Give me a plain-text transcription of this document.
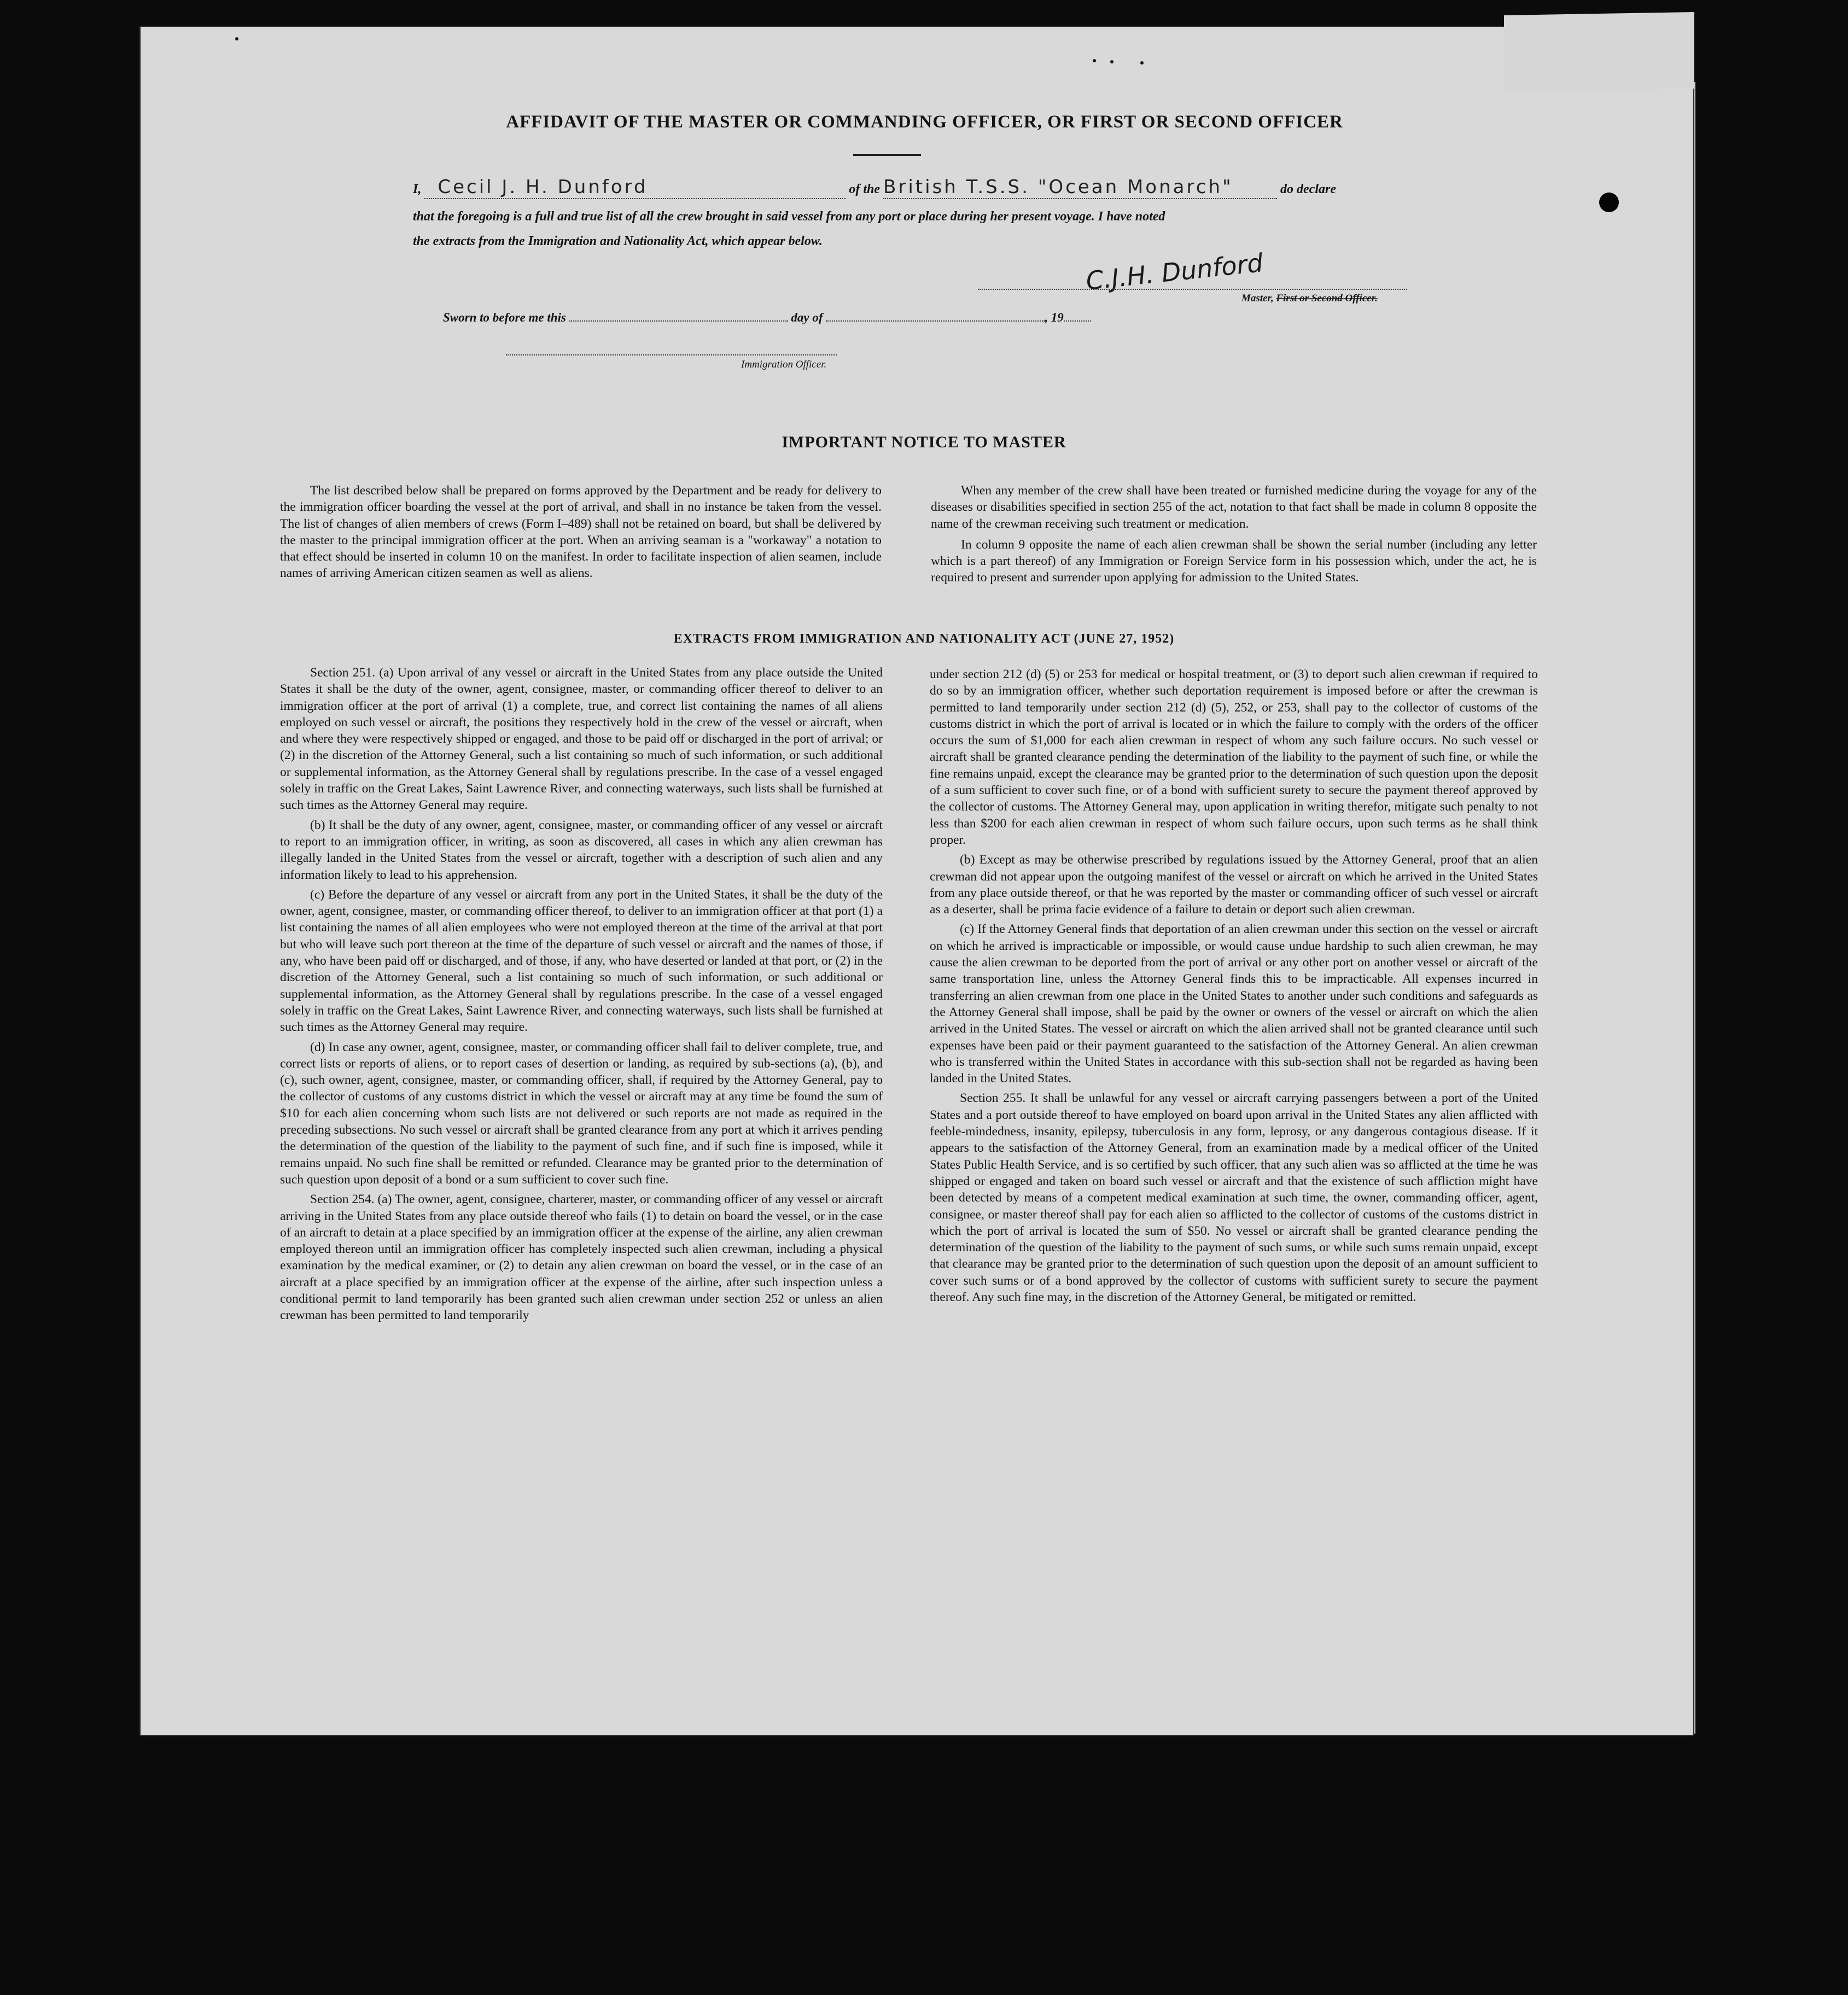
AFFIDAVIT OF THE MASTER OR COMMANDING OFFICER, OR FIRST OR SECOND OFFICER
I, Cecil J. H. Dunford	of the British T.S.S. "Ocean Monarch"	do declare
that the foregoing is a full and true list of all the crew brought in said vessel from any port or place during her present voyage. I have noted
the extracts from the Immigration and Nationality Act, which appear below.
C.J.H. Dunford
Master, First or Second Officer.
Sworn to before me this	day of	, 19
Immigration Officer.
IMPORTANT NOTICE TO MASTER

The list described below shall be prepared on forms approved by the Department and be ready for delivery to the immigration officer boarding the vessel at the port of arrival, and shall in no instance be taken from the vessel. The list of changes of alien members of crews (Form I–489) shall not be retained on board, but shall be delivered by the master to the principal immigration officer at the port. When an arriving seaman is a "workaway" a notation to that effect should be inserted in column 10 on the manifest. In order to facilitate inspection of alien seamen, include names of arriving American citizen seamen as well as aliens.

When any member of the crew shall have been treated or furnished medicine during the voyage for any of the diseases or disabilities specified in section 255 of the act, notation to that fact shall be made in column 8 opposite the name of the crewman receiving such treatment or medication.

In column 9 opposite the name of each alien crewman shall be shown the serial number (including any letter which is a part thereof) of any Immigration or Foreign Service form in his possession which, under the act, he is required to present and surrender upon applying for admission to the United States.

EXTRACTS FROM IMMIGRATION AND NATIONALITY ACT (JUNE 27, 1952)

Section 251. (a) Upon arrival of any vessel or aircraft in the United States from any place outside the United States it shall be the duty of the owner, agent, consignee, master, or commanding officer thereof to deliver to an immigration officer at the port of arrival (1) a complete, true, and correct list containing the names of all aliens employed on such vessel or aircraft, the positions they respectively hold in the crew of the vessel or aircraft, when and where they were respectively shipped or engaged, and those to be paid off or discharged in the port of arrival; or (2) in the discretion of the Attorney General, such a list containing so much of such information, or such additional or supplemental information, as the Attorney General shall by regulations prescribe. In the case of a vessel engaged solely in traffic on the Great Lakes, Saint Lawrence River, and connecting waterways, such lists shall be furnished at such times as the Attorney General may require.

(b) It shall be the duty of any owner, agent, consignee, master, or commanding officer of any vessel or aircraft to report to an immigration officer, in writing, as soon as discovered, all cases in which any alien crewman has illegally landed in the United States from the vessel or aircraft, together with a description of such alien and any information likely to lead to his apprehension.

(c) Before the departure of any vessel or aircraft from any port in the United States, it shall be the duty of the owner, agent, consignee, master, or commanding officer thereof, to deliver to an immigration officer at that port (1) a list containing the names of all alien employees who were not employed thereon at the time of the arrival at that port but who will leave such port thereon at the time of the departure of such vessel or aircraft and the names of those, if any, who have been paid off or discharged, and of those, if any, who have deserted or landed at that port, or (2) in the discretion of the Attorney General, such a list containing so much of such information, or such additional or supplemental information, as the Attorney General shall by regulations prescribe. In the case of a vessel engaged solely in traffic on the Great Lakes, Saint Lawrence River, and connecting waterways, such lists shall be furnished at such times as the Attorney General may require.

(d) In case any owner, agent, consignee, master, or commanding officer shall fail to deliver complete, true, and correct lists or reports of aliens, or to report cases of desertion or landing, as required by sub-sections (a), (b), and (c), such owner, agent, consignee, master, or commanding officer, shall, if required by the Attorney General, pay to the collector of customs of any customs district in which the vessel or aircraft may at any time be found the sum of $10 for each alien concerning whom such lists are not delivered or such reports are not made as required in the preceding subsections. No such vessel or aircraft shall be granted clearance from any port at which it arrives pending the determination of the question of the liability to the payment of such fine, and if such fine is imposed, while it remains unpaid. No such fine shall be remitted or refunded. Clearance may be granted prior to the determination of such question upon deposit of a bond or a sum sufficient to cover such fine.

Section 254. (a) The owner, agent, consignee, charterer, master, or commanding officer of any vessel or aircraft arriving in the United States from any place outside thereof who fails (1) to detain on board the vessel, or in the case of an aircraft to detain at a place specified by an immigration officer at the expense of the airline, any alien crewman employed thereon until an immigration officer has completely inspected such alien crewman, including a physical examination by the medical examiner, or (2) to detain any alien crewman on board the vessel, or in the case of an aircraft at a place specified by an immigration officer at the expense of the airline, after such inspection unless a conditional permit to land temporarily has been granted such alien crewman under section 252 or unless an alien crewman has been permitted to land temporarily

under section 212 (d) (5) or 253 for medical or hospital treatment, or (3) to deport such alien crewman if required to do so by an immigration officer, whether such deportation requirement is imposed before or after the crewman is permitted to land temporarily under section 212 (d) (5), 252, or 253, shall pay to the collector of customs of the customs district in which the port of arrival is located or in which the failure to comply with the orders of the officer occurs the sum of $1,000 for each alien crewman in respect of whom any such failure occurs. No such vessel or aircraft shall be granted clearance pending the determination of the liability to the payment of such fine, or while the fine remains unpaid, except the clearance may be granted prior to the determination of such question upon the deposit of a sum sufficient to cover such fine, or of a bond with sufficient surety to secure the payment thereof approved by the collector of customs. The Attorney General may, upon application in writing therefor, mitigate such penalty to not less than $200 for each alien crewman in respect of whom such failure occurs, upon such terms as he shall think proper.

(b) Except as may be otherwise prescribed by regulations issued by the Attorney General, proof that an alien crewman did not appear upon the outgoing manifest of the vessel or aircraft on which he arrived in the United States from any place outside thereof, or that he was reported by the master or commanding officer of such vessel or aircraft as a deserter, shall be prima facie evidence of a failure to detain or deport such alien crewman.

(c) If the Attorney General finds that deportation of an alien crewman under this section on the vessel or aircraft on which he arrived is impracticable or impossible, or would cause undue hardship to such alien crewman, he may cause the alien crewman to be deported from the port of arrival or any other port on another vessel or aircraft of the same transportation line, unless the Attorney General finds this to be impracticable. All expenses incurred in transferring an alien crewman from one place in the United States to another under such conditions and safeguards as the Attorney General shall impose, shall be paid by the owner or owners of the vessel or aircraft on which the alien arrived in the United States. The vessel or aircraft on which the alien arrived shall not be granted clearance until such expenses have been paid or their payment guaranteed to the satisfaction of the Attorney General. An alien crewman who is transferred within the United States in accordance with this sub-section shall not be regarded as having been landed in the United States.

Section 255. It shall be unlawful for any vessel or aircraft carrying passengers between a port of the United States and a port outside thereof to have employed on board upon arrival in the United States any alien afflicted with feeble-mindedness, insanity, epilepsy, tuberculosis in any form, leprosy, or any dangerous contagious disease. If it appears to the satisfaction of the Attorney General, from an examination made by a medical officer of the United States Public Health Service, and is so certified by such officer, that any such alien was so afflicted at the time he was shipped or engaged and taken on board such vessel or aircraft and that the existence of such affliction might have been detected by means of a competent medical examination at such time, the owner, commanding officer, agent, consignee, or master thereof shall pay for each alien so afflicted to the collector of customs of the customs district in which the port of arrival is located the sum of $50. No vessel or aircraft shall be granted clearance pending the determination of the question of the liability to the payment of such sums, or while such sums remain unpaid, except that clearance may be granted prior to the determination of such question upon the deposit of an amount sufficient to cover such sums or of a bond approved by the collector of customs with sufficient surety to secure the payment thereof. Any such fine may, in the discretion of the Attorney General, be mitigated or remitted.
